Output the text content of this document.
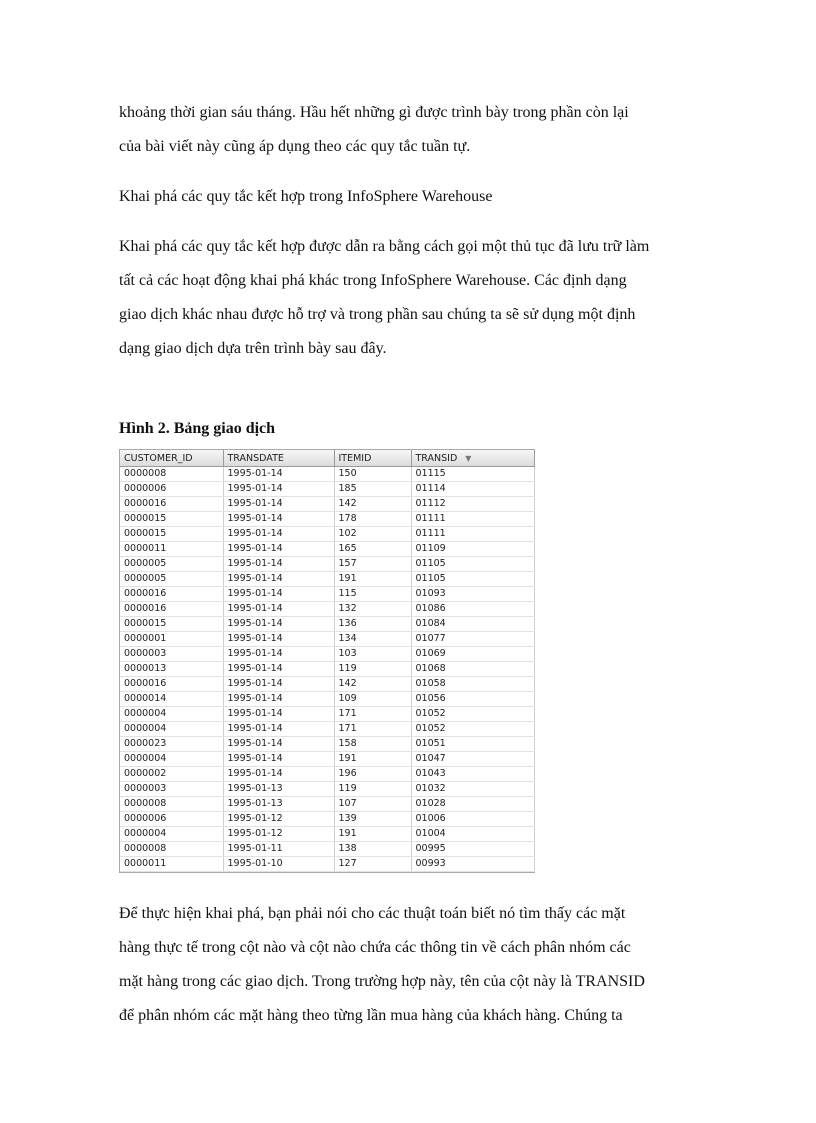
khoảng thời gian sáu tháng. Hầu hết những gì được trình bày trong phần còn lại
của bài viết này cũng áp dụng theo các quy tắc tuần tự.

Khai phá các quy tắc kết hợp trong InfoSphere Warehouse

Khai phá các quy tắc kết hợp được dẫn ra bằng cách gọi một thủ tục đã lưu trữ làm
tất cả các hoạt động khai phá khác trong InfoSphere Warehouse. Các định dạng
giao dịch khác nhau được hỗ trợ và trong phần sau chúng ta sẽ sử dụng một định
dạng giao dịch dựa trên trình bày sau đây.

Hình 2. Bảng giao dịch

CUSTOMER_ID	TRANSDATE	ITEMID	TRANSID ▼
0000008	1995-01-14	150	01115
0000006	1995-01-14	185	01114
0000016	1995-01-14	142	01112
0000015	1995-01-14	178	01111
0000015	1995-01-14	102	01111
0000011	1995-01-14	165	01109
0000005	1995-01-14	157	01105
0000005	1995-01-14	191	01105
0000016	1995-01-14	115	01093
0000016	1995-01-14	132	01086
0000015	1995-01-14	136	01084
0000001	1995-01-14	134	01077
0000003	1995-01-14	103	01069
0000013	1995-01-14	119	01068
0000016	1995-01-14	142	01058
0000014	1995-01-14	109	01056
0000004	1995-01-14	171	01052
0000004	1995-01-14	171	01052
0000023	1995-01-14	158	01051
0000004	1995-01-14	191	01047
0000002	1995-01-14	196	01043
0000003	1995-01-13	119	01032
0000008	1995-01-13	107	01028
0000006	1995-01-12	139	01006
0000004	1995-01-12	191	01004
0000008	1995-01-11	138	00995
0000011	1995-01-10	127	00993

Để thực hiện khai phá, bạn phải nói cho các thuật toán biết nó tìm thấy các mặt
hàng thực tế trong cột nào và cột nào chứa các thông tin về cách phân nhóm các
mặt hàng trong các giao dịch. Trong trường hợp này, tên của cột này là TRANSID
để phân nhóm các mặt hàng theo từng lần mua hàng của khách hàng. Chúng ta
